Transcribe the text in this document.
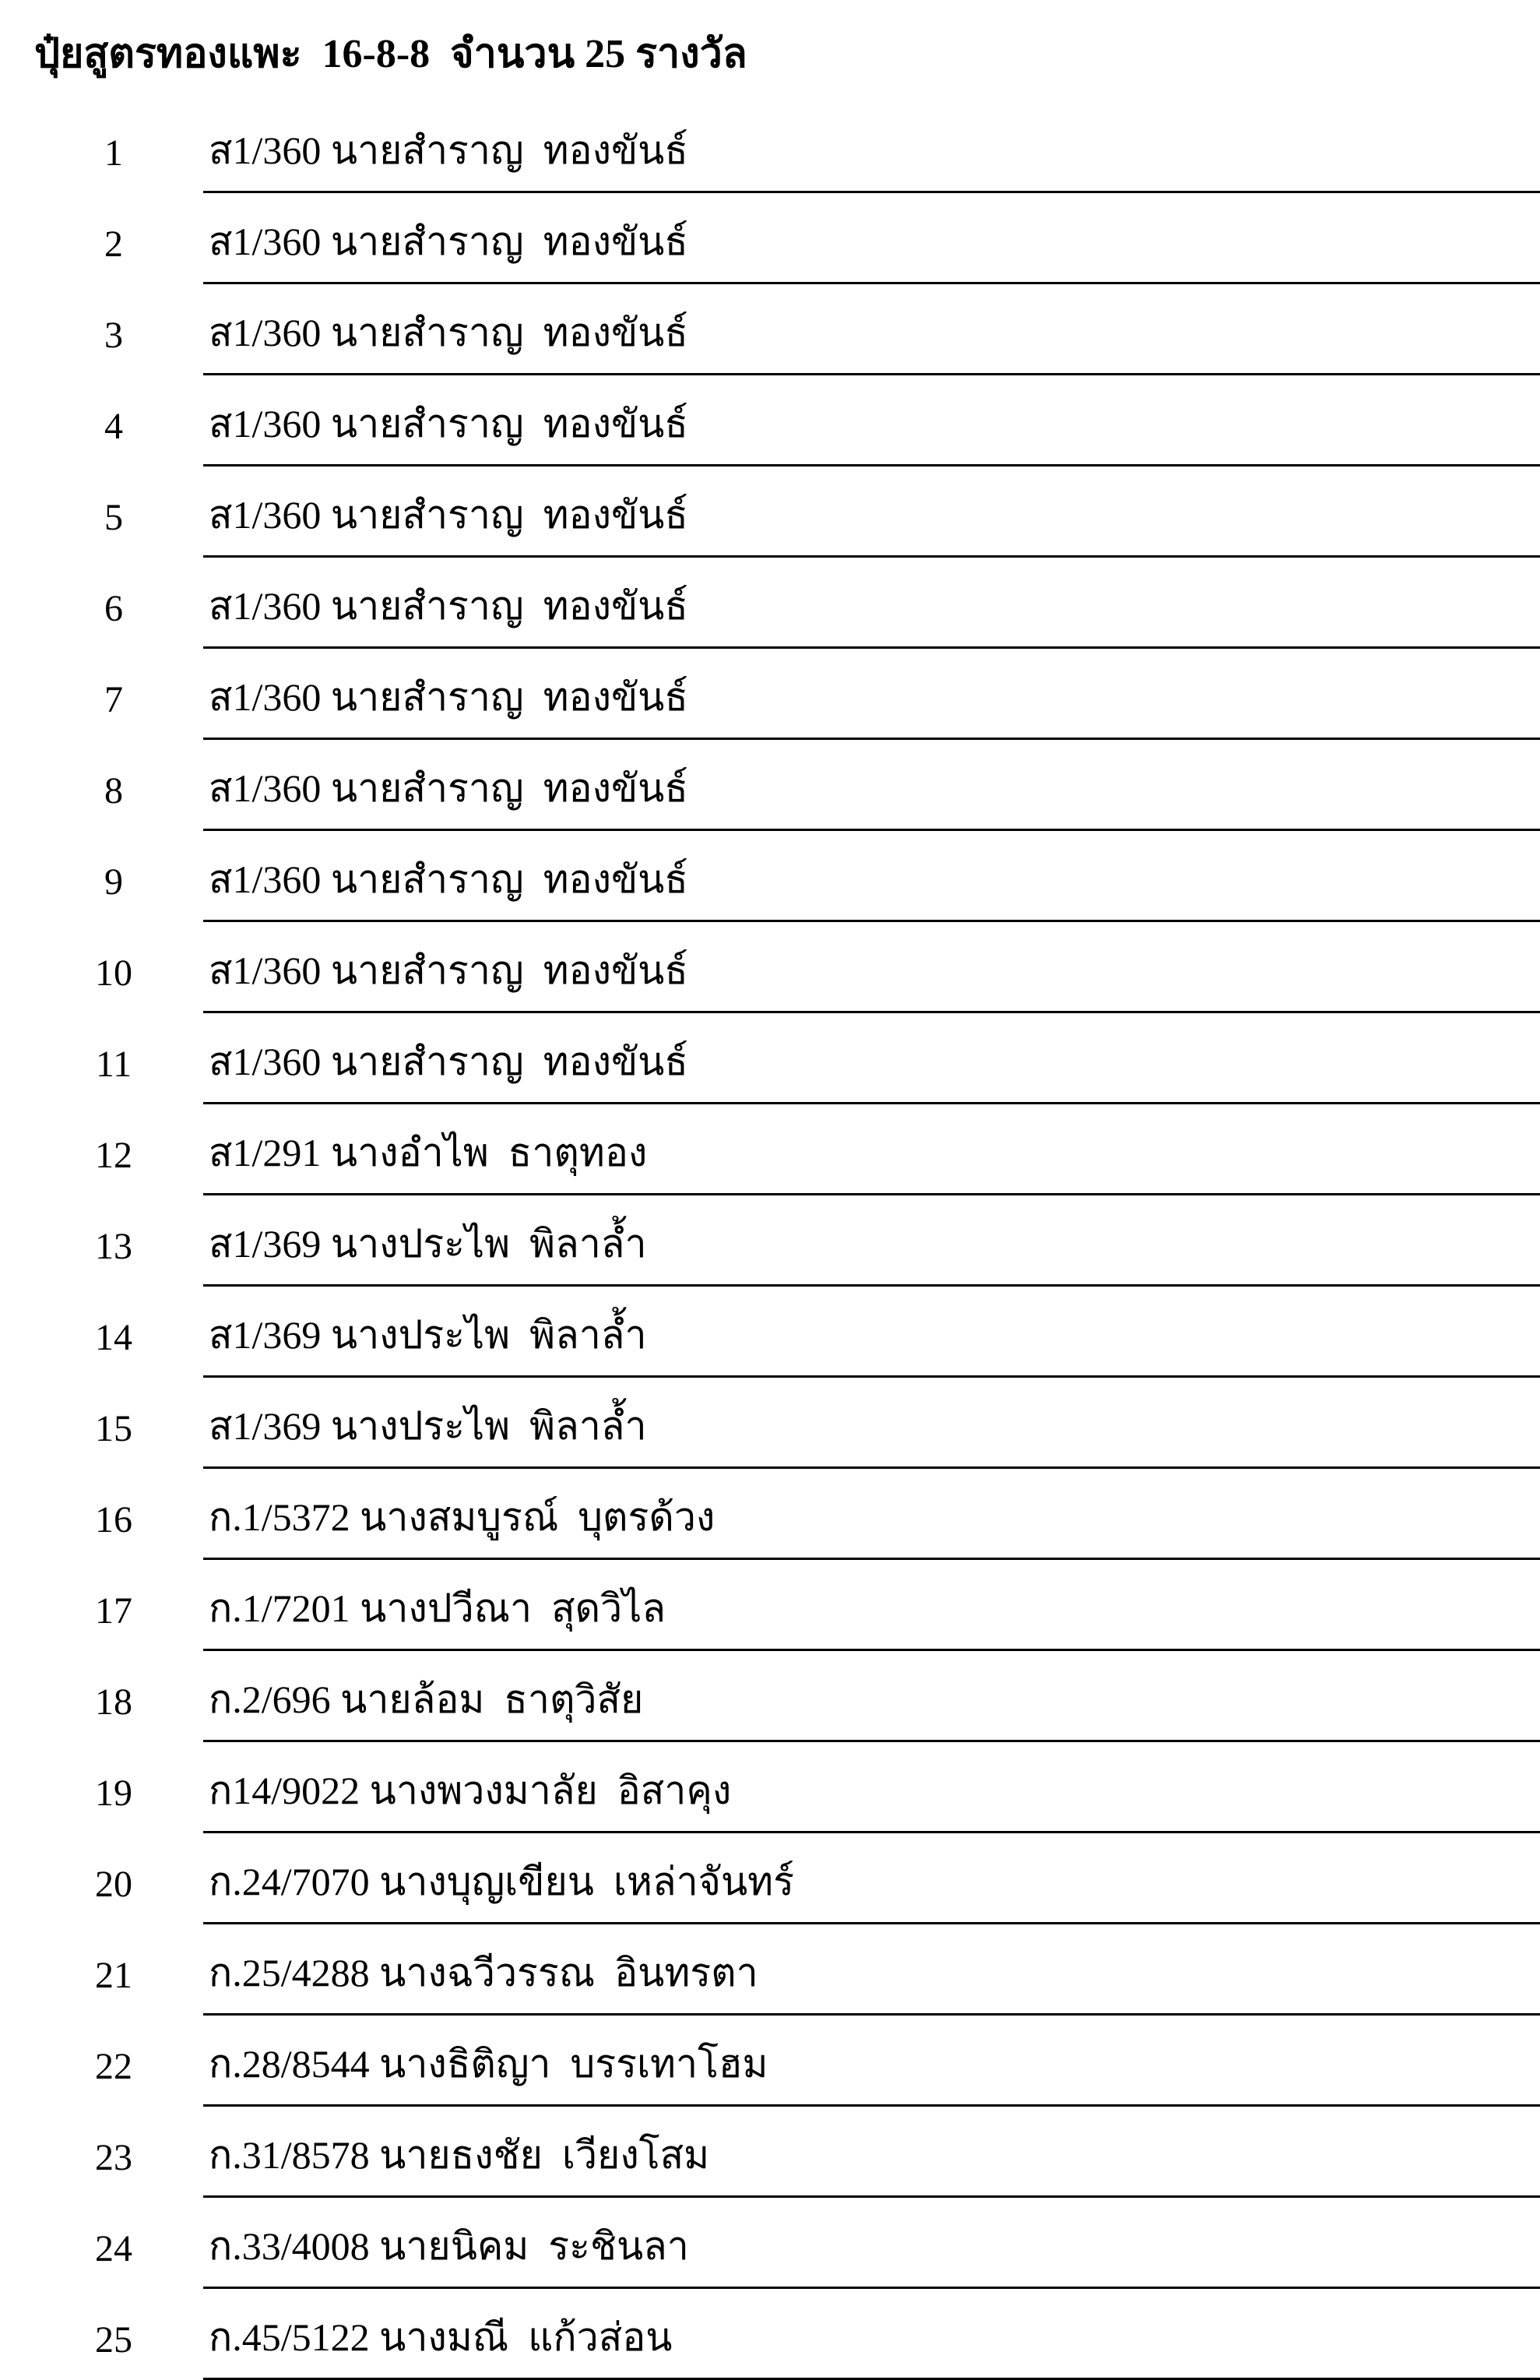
ปุ๋ยสูตรทองแพะ  16-8-8  จำนวน 25 รางวัล
1	ส1/360 นายสำราญ  ทองขันธ์
2	ส1/360 นายสำราญ  ทองขันธ์
3	ส1/360 นายสำราญ  ทองขันธ์
4	ส1/360 นายสำราญ  ทองขันธ์
5	ส1/360 นายสำราญ  ทองขันธ์
6	ส1/360 นายสำราญ  ทองขันธ์
7	ส1/360 นายสำราญ  ทองขันธ์
8	ส1/360 นายสำราญ  ทองขันธ์
9	ส1/360 นายสำราญ  ทองขันธ์
10 ส1/360 นายสำราญ  ทองขันธ์
11 ส1/360 นายสำราญ  ทองขันธ์
12 ส1/291 นางอำไพ  ธาตุทอง
13 ส1/369 นางประไพ  พิลาล้ำ
14 ส1/369 นางประไพ  พิลาล้ำ
15 ส1/369 นางประไพ  พิลาล้ำ
16 ก.1/5372 นางสมบูรณ์  บุตรด้วง
17 ก.1/7201 นางปวีณา  สุดวิไล
18 ก.2/696 นายล้อม  ธาตุวิสัย
19 ก14/9022 นางพวงมาลัย  อิสาคุง
20 ก.24/7070 นางบุญเขียน  เหล่าจันทร์
21 ก.25/4288 นางฉวีวรรณ  อินทรตา
22 ก.28/8544 นางธิติญา  บรรเทาโฮม
23 ก.31/8578 นายธงชัย  เวียงโสม
24 ก.33/4008 นายนิคม  ระชินลา
25 ก.45/5122 นางมณี  แก้วส่อน
